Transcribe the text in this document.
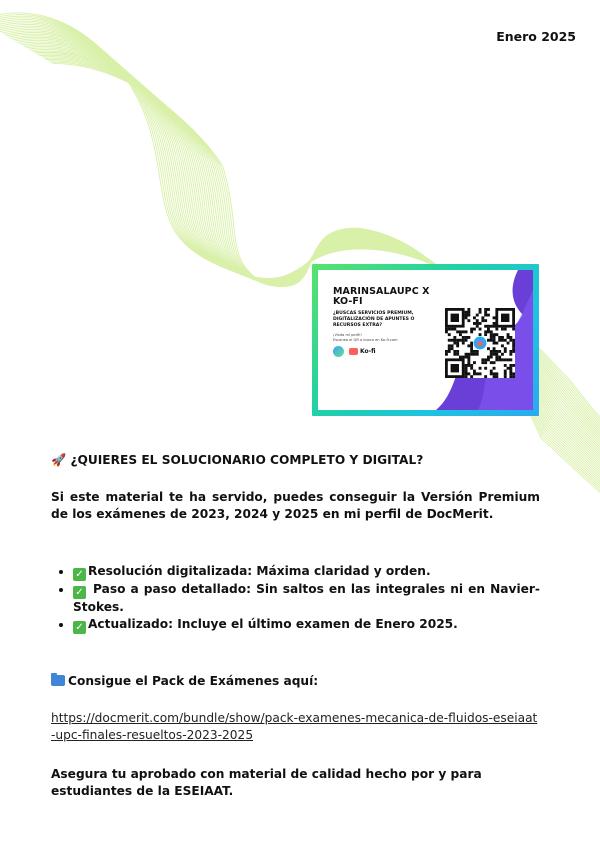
Enero 2025
MARINSALAUPC X KO-FI
¿BUSCAS SERVICIOS PREMIUM, DIGITALIZACIÓN DE APUNTES O RECURSOS EXTRA?
¡Visita mi perfil!
Escanea el QR o busca en Ko-fi.com
Ko-fi

🚀 ¿QUIERES EL SOLUCIONARIO COMPLETO Y DIGITAL?

Si este material te ha servido, puedes conseguir la Versión Premium de los exámenes de 2023, 2024 y 2025 en mi perfil de DocMerit.

• ✓ Resolución digitalizada: Máxima claridad y orden.
• ✓ Paso a paso detallado: Sin saltos en las integrales ni en Navier-Stokes.
• ✓ Actualizado: Incluye el último examen de Enero 2025.

Consigue el Pack de Exámenes aquí:

https://docmerit.com/bundle/show/pack-examenes-mecanica-de-fluidos-eseiaat-upc-finales-resueltos-2023-2025

Asegura tu aprobado con material de calidad hecho por y para estudiantes de la ESEIAAT.
